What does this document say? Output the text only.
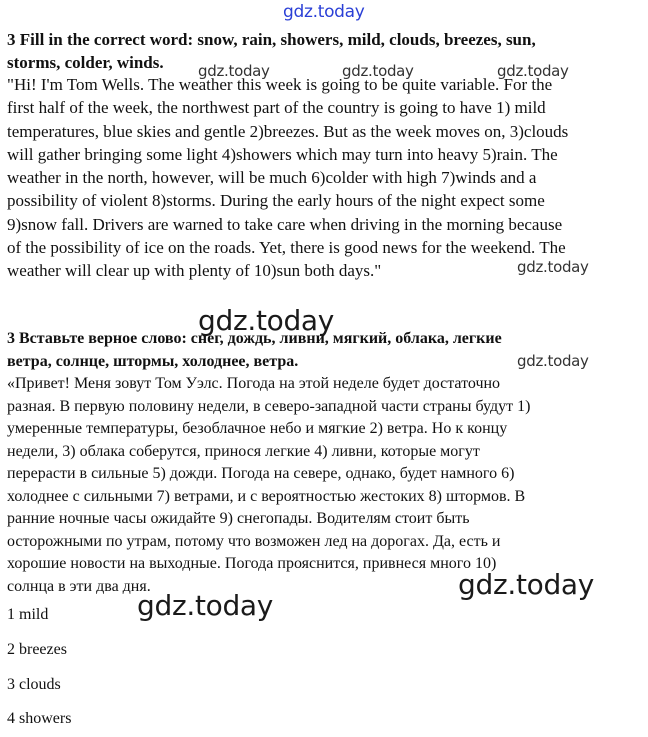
gdz.today
gdz.today	gdz.today	gdz.today
gdz.today
gdz.today
gdz.today
gdz.today
gdz.today
3 Fill in the correct word: snow, rain, showers, mild, clouds, breezes, sun,
storms, colder, winds.
"Hi! I'm Tom Wells. The weather this week is going to be quite variable. For the
first half of the week, the northwest part of the country is going to have 1) mild
temperatures, blue skies and gentle 2)breezes. But as the week moves on, 3)clouds
will gather bringing some light 4)showers which may turn into heavy 5)rain. The
weather in the north, however, will be much 6)colder with high 7)winds and a
possibility of violent 8)storms. During the early hours of the night expect some
9)snow fall. Drivers are warned to take care when driving in the morning because
of the possibility of ice on the roads. Yet, there is good news for the weekend. The
weather will clear up with plenty of 10)sun both days."
3 Вставьте верное слово: снег, дождь, ливни, мягкий, облака, легкие
ветра, солнце, штормы, холоднее, ветра.
«Привет! Меня зовут Том Уэлс. Погода на этой неделе будет достаточно
разная. В первую половину недели, в северо-западной части страны будут 1)
умеренные температуры, безоблачное небо и мягкие 2) ветра. Но к концу
недели, 3) облака соберутся, принося легкие 4) ливни, которые могут
перерасти в сильные 5) дожди. Погода на севере, однако, будет намного 6)
холоднее с сильными 7) ветрами, и с вероятностью жестоких 8) штормов. В
ранние ночные часы ожидайте 9) снегопады. Водителям стоит быть
осторожными по утрам, потому что возможен лед на дорогах. Да, есть и
хорошие новости на выходные. Погода прояснится, привнеся много 10)
солнца в эти два дня.
1 mild
2 breezes
3 clouds
4 showers
